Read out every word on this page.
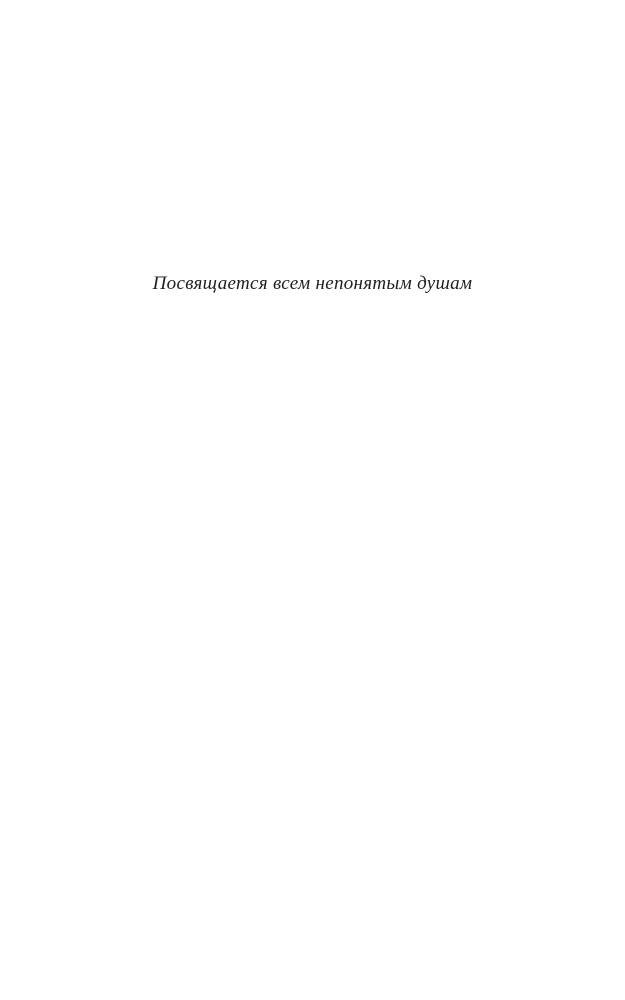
Посвящается всем непонятым душам
